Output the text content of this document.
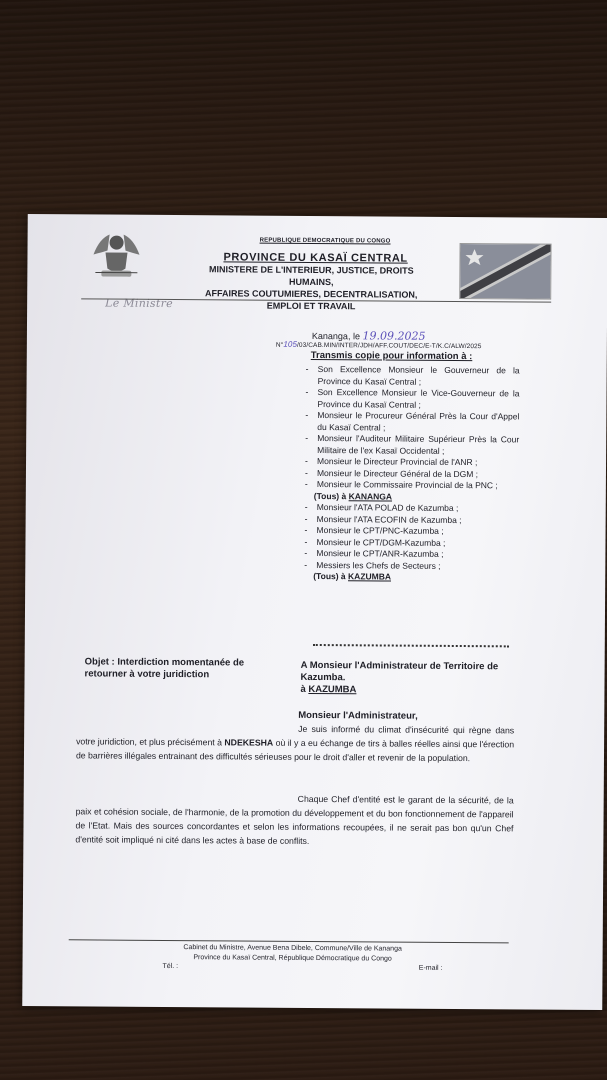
Le Ministre
REPUBLIQUE DEMOCRATIQUE DU CONGO
PROVINCE DU KASAÏ CENTRAL
MINISTERE DE L'INTERIEUR, JUSTICE, DROITS HUMAINS,
AFFAIRES COUTUMIERES, DECENTRALISATION,
EMPLOI ET TRAVAIL
Kananga, le 19.09.2025
N°105/03/CAB.MIN/INTER/JDH/AFF.COUT/DEC/E-T/K.C/ALW/2025
Transmis copie pour information à :
-	Son Excellence Monsieur le Gouverneur de la Province du Kasaï Central ;
-	Son Excellence Monsieur le Vice-Gouverneur de la Province du Kasaï Central ;
-	Monsieur le Procureur Général Près la Cour d'Appel du Kasaï Central ;
-	Monsieur l'Auditeur Militaire Supérieur Près la Cour Militaire de l'ex Kasaï Occidental ;
-	Monsieur le Directeur Provincial de l'ANR ;
-	Monsieur le Directeur Général de la DGM ;
-	Monsieur le Commissaire Provincial de la PNC ;
(Tous) à KANANGA
-	Monsieur l'ATA POLAD de Kazumba ;
-	Monsieur l'ATA ECOFIN de Kazumba ;
-	Monsieur le CPT/PNC-Kazumba ;
-	Monsieur le CPT/DGM-Kazumba ;
-	Monsieur le CPT/ANR-Kazumba ;
-	Messiers les Chefs de Secteurs ;
(Tous) à KAZUMBA
Objet : Interdiction momentanée de retourner à votre juridiction
A Monsieur l'Administrateur de Territoire de Kazumba.
à KAZUMBA
Monsieur l'Administrateur,
Je suis informé du climat d'insécurité qui règne dans votre juridiction, et plus précisément à NDEKESHA où il y a eu échange de tirs à balles réelles ainsi que l'érection de barrières illégales entrainant des difficultés sérieuses pour le droit d'aller et revenir de la population.
Chaque Chef d'entité est le garant de la sécurité, de la paix et cohésion sociale, de l'harmonie, de la promotion du développement et du bon fonctionnement de l'appareil de l'Etat. Mais des sources concordantes et selon les informations recoupées, il ne serait pas bon qu'un Chef d'entité soit impliqué ni cité dans les actes à base de conflits.
Cabinet du Ministre, Avenue Bena Dibele, Commune/Ville de Kananga
Province du Kasaï Central, République Démocratique du Congo
Tél. :	E-mail :
